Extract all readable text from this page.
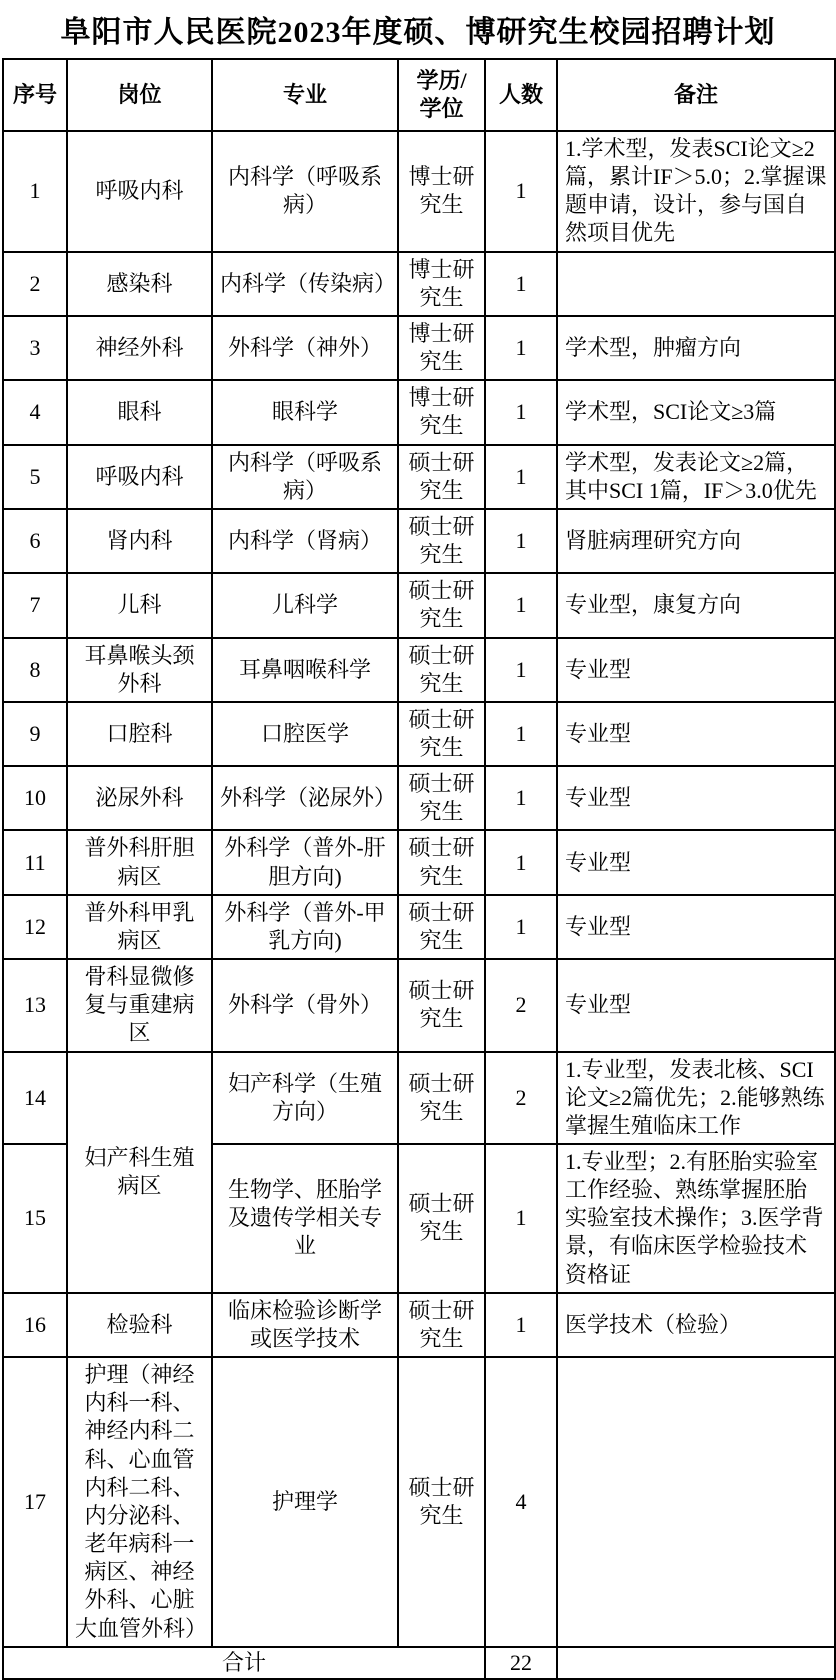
阜阳市人民医院2023年度硕、博研究生校园招聘计划
序号	岗位	专业	学历/学位	人数	备注
1	呼吸内科	内科学（呼吸系病）	博士研究生	1	1.学术型，发表SCI论文≥2篇，累计IF＞5.0；2.掌握课题申请，设计，参与国自然项目优先
2	感染科	内科学（传染病）	博士研究生	1	
3	神经外科	外科学（神外）	博士研究生	1	学术型，肿瘤方向
4	眼科	眼科学	博士研究生	1	学术型，SCI论文≥3篇
5	呼吸内科	内科学（呼吸系病）	硕士研究生	1	学术型，发表论文≥2篇，其中SCI 1篇，IF＞3.0优先
6	肾内科	内科学（肾病）	硕士研究生	1	肾脏病理研究方向
7	儿科	儿科学	硕士研究生	1	专业型，康复方向
8	耳鼻喉头颈外科	耳鼻咽喉科学	硕士研究生	1	专业型
9	口腔科	口腔医学	硕士研究生	1	专业型
10	泌尿外科	外科学（泌尿外）	硕士研究生	1	专业型
11	普外科肝胆病区	外科学（普外-肝胆方向)	硕士研究生	1	专业型
12	普外科甲乳病区	外科学（普外-甲乳方向)	硕士研究生	1	专业型
13	骨科显微修复与重建病区	外科学（骨外）	硕士研究生	2	专业型
14	妇产科生殖病区	妇产科学（生殖方向）	硕士研究生	2	1.专业型，发表北核、SCI论文≥2篇优先；2.能够熟练掌握生殖临床工作
15		生物学、胚胎学及遗传学相关专业	硕士研究生	1	1.专业型；2.有胚胎实验室工作经验、熟练掌握胚胎实验室技术操作；3.医学背景，有临床医学检验技术资格证
16	检验科	临床检验诊断学或医学技术	硕士研究生	1	医学技术（检验）
17	护理（神经内科一科、神经内科二科、心血管内科二科、内分泌科、老年病科一病区、神经外科、心脏大血管外科）	护理学	硕士研究生	4	
合计				22	
